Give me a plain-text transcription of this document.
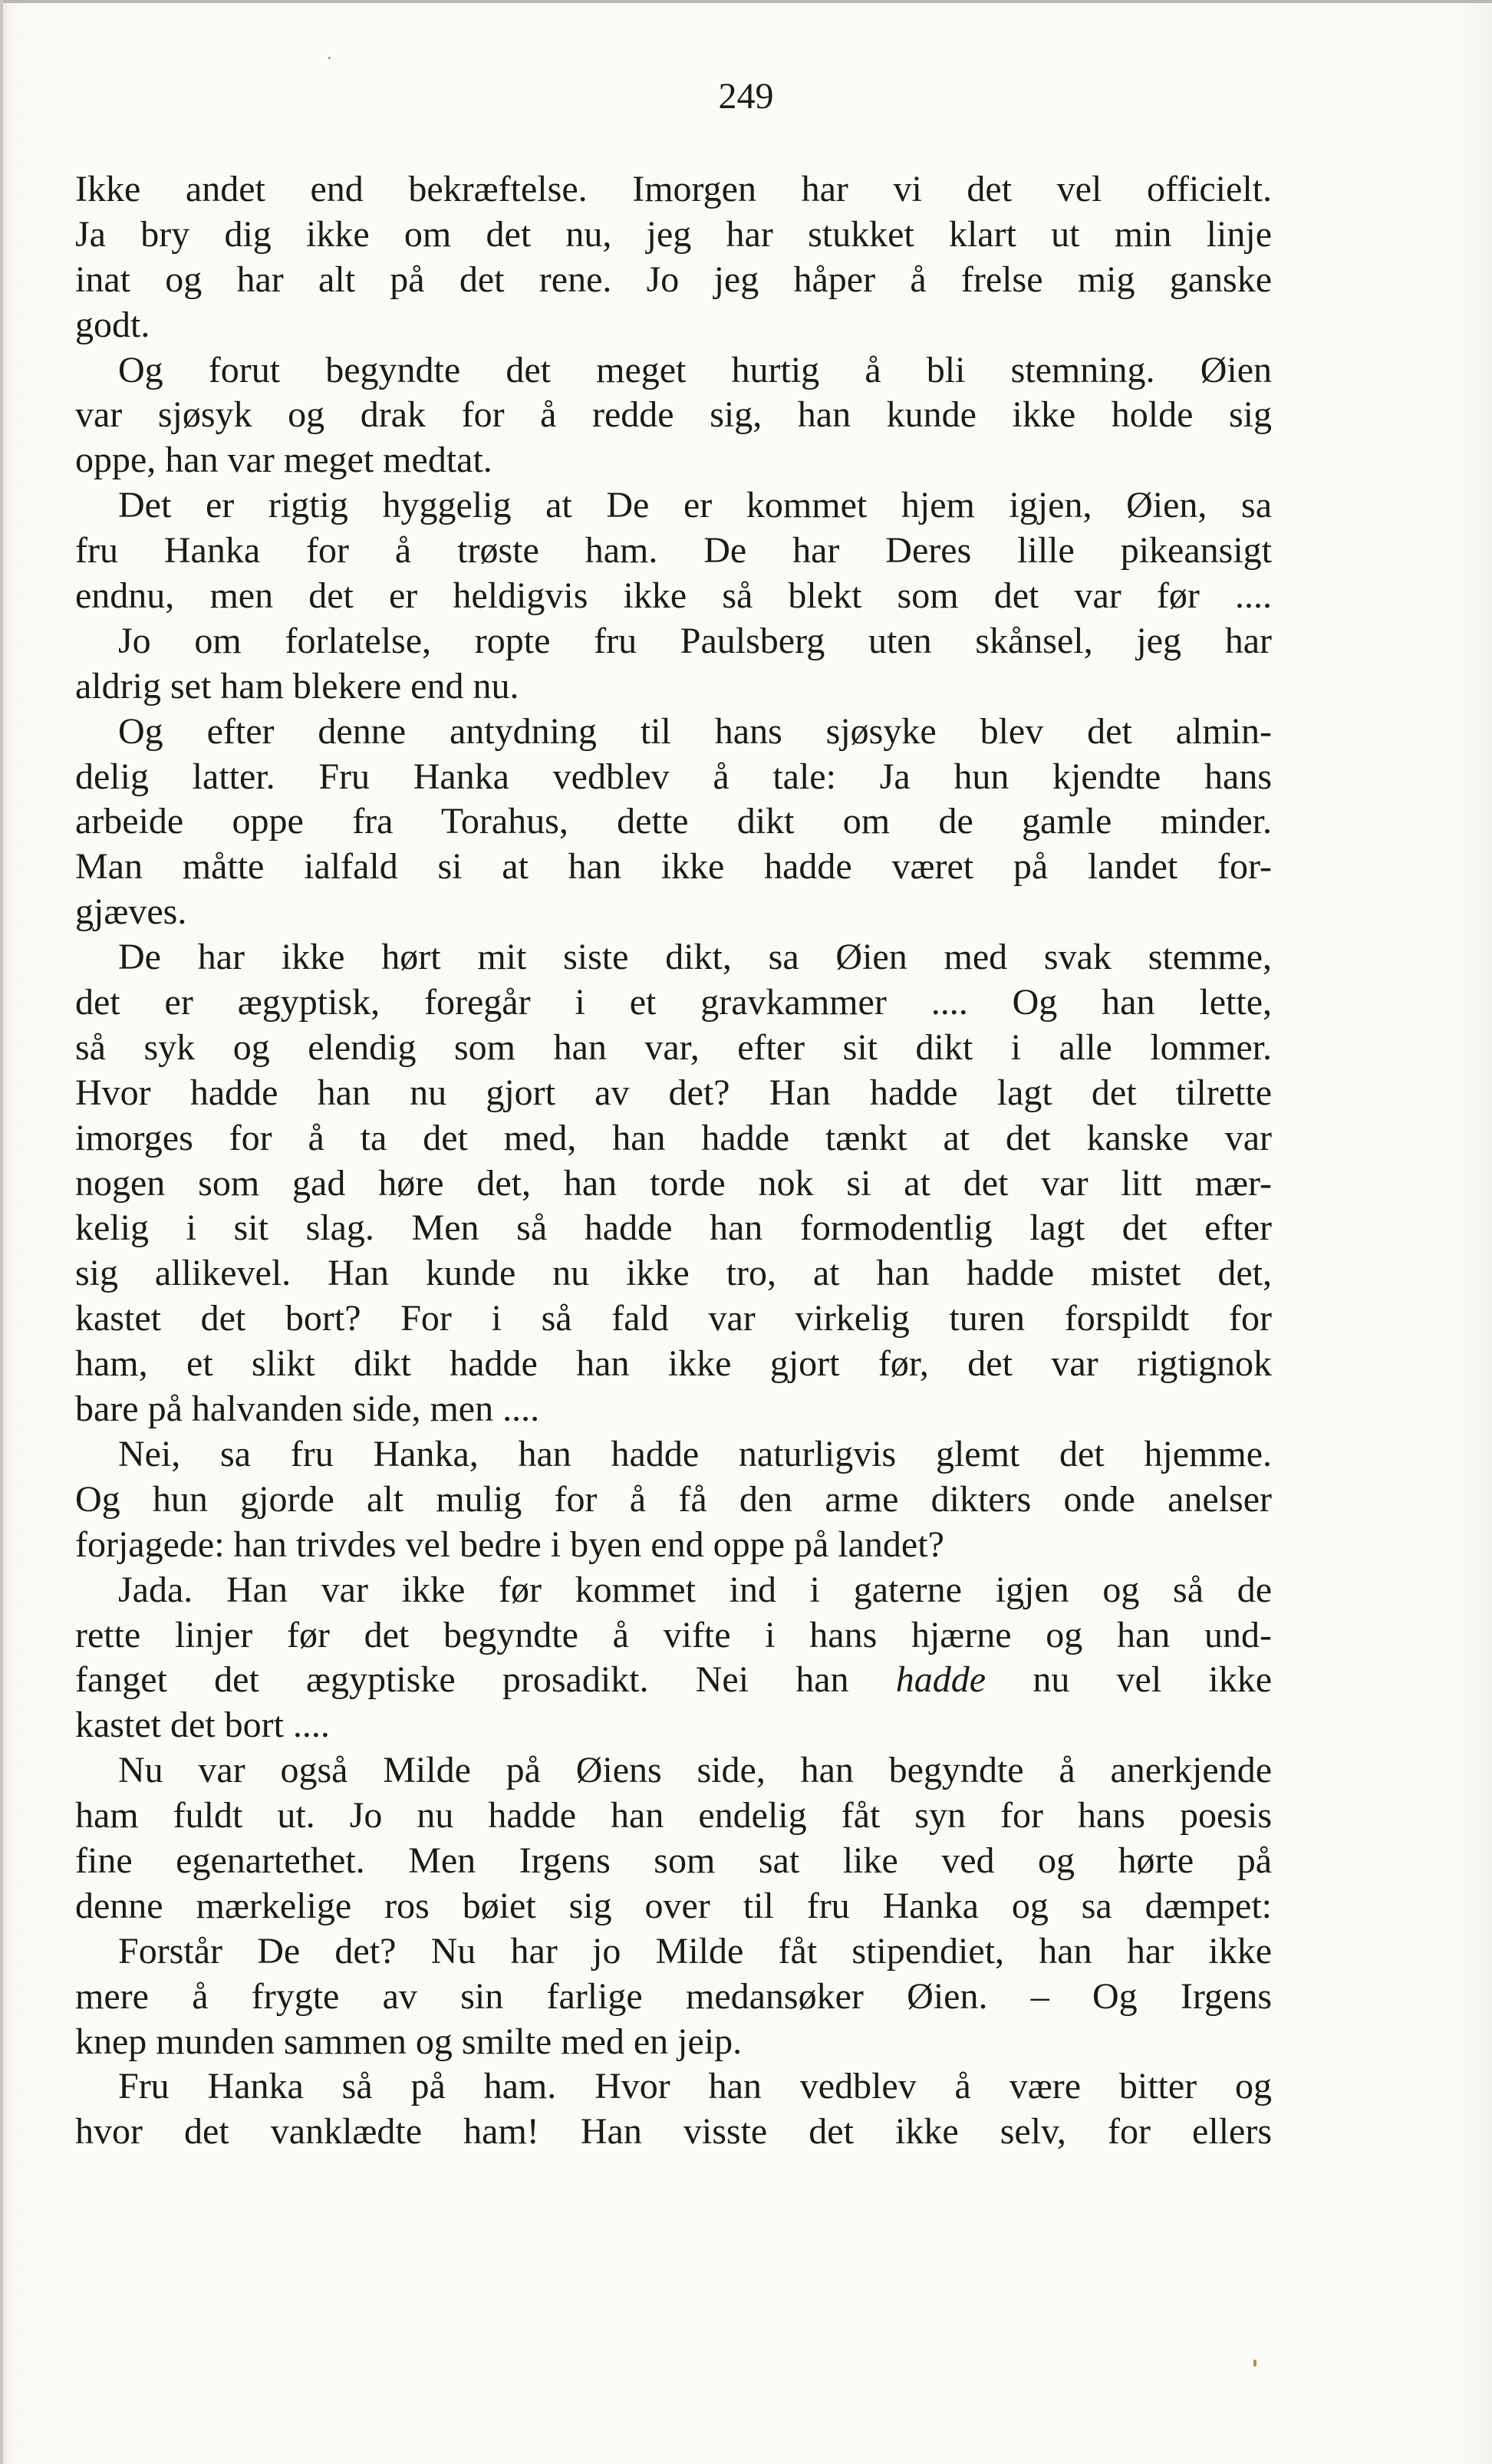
249
Ikke andet end bekræftelse. Imorgen har vi det vel officielt.
Ja bry dig ikke om det nu, jeg har stukket klart ut min linje
inat og har alt på det rene. Jo jeg håper å frelse mig ganske
godt.
Og forut begyndte det meget hurtig å bli stemning. Øien
var sjøsyk og drak for å redde sig, han kunde ikke holde sig
oppe, han var meget medtat.
Det er rigtig hyggelig at De er kommet hjem igjen, Øien, sa
fru Hanka for å trøste ham. De har Deres lille pikeansigt
endnu, men det er heldigvis ikke så blekt som det var før ....
Jo om forlatelse, ropte fru Paulsberg uten skånsel, jeg har
aldrig set ham blekere end nu.
Og efter denne antydning til hans sjøsyke blev det almin-
delig latter. Fru Hanka vedblev å tale: Ja hun kjendte hans
arbeide oppe fra Torahus, dette dikt om de gamle minder.
Man måtte ialfald si at han ikke hadde været på landet for-
gjæves.
De har ikke hørt mit siste dikt, sa Øien med svak stemme,
det er ægyptisk, foregår i et gravkammer .... Og han lette,
så syk og elendig som han var, efter sit dikt i alle lommer.
Hvor hadde han nu gjort av det? Han hadde lagt det tilrette
imorges for å ta det med, han hadde tænkt at det kanske var
nogen som gad høre det, han torde nok si at det var litt mær-
kelig i sit slag. Men så hadde han formodentlig lagt det efter
sig allikevel. Han kunde nu ikke tro, at han hadde mistet det,
kastet det bort? For i så fald var virkelig turen forspildt for
ham, et slikt dikt hadde han ikke gjort før, det var rigtignok
bare på halvanden side, men ....
Nei, sa fru Hanka, han hadde naturligvis glemt det hjemme.
Og hun gjorde alt mulig for å få den arme dikters onde anelser
forjagede: han trivdes vel bedre i byen end oppe på landet?
Jada. Han var ikke før kommet ind i gaterne igjen og så de
rette linjer før det begyndte å vifte i hans hjærne og han und-
fanget det ægyptiske prosadikt. Nei han hadde nu vel ikke
kastet det bort ....
Nu var også Milde på Øiens side, han begyndte å anerkjende
ham fuldt ut. Jo nu hadde han endelig fåt syn for hans poesis
fine egenartethet. Men Irgens som sat like ved og hørte på
denne mærkelige ros bøiet sig over til fru Hanka og sa dæmpet:
Forstår De det? Nu har jo Milde fåt stipendiet, han har ikke
mere å frygte av sin farlige medansøker Øien. – Og Irgens
knep munden sammen og smilte med en jeip.
Fru Hanka så på ham. Hvor han vedblev å være bitter og
hvor det vanklædte ham! Han visste det ikke selv, for ellers
